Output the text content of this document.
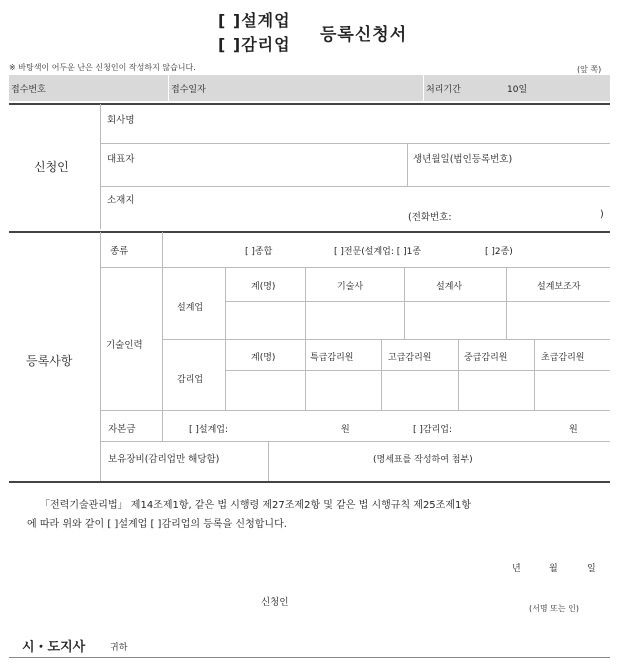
[ ]설계업
[ ]감리업 등록신청서
※ 바탕색이 어두운 난은 신청인이 작성하지 않습니다.	(앞 쪽)
접수번호	접수일자	처리기간	10일
신청인
회사명
대표자	생년월일(법인등록번호)
소재지
(전화번호:	)
등록사항
종류	[ ]종합	[ ]전문(설계업: [ ]1종	[ ]2종)
기술인력
설계업
계(명)	기술사	설계사	설계보조자
감리업
계(명)	특급감리원	고급감리원	중급감리원	초급감리원
자본금	[ ]설계업:	원	[ ]감리업:	원
보유장비(감리업만 해당함)	(명세표를 작성하여 첨부)
「전력기술관리법」 제14조제1항, 같은 법 시행령 제27조제2항 및 같은 법 시행규칙 제25조제1항
에 따라 위와 같이 [ ]설계업 [ ]감리업의 등록을 신청합니다.
년	월	일
신청인
(서명 또는 인)
시・도지사	귀하
